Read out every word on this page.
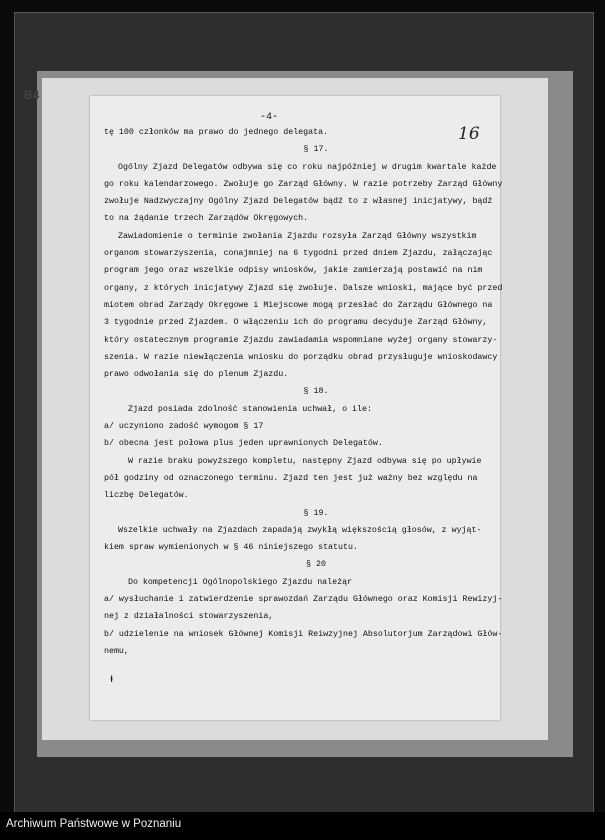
B4
-4-
16
tę 100 członków ma prawo do jednego delegata.
§ 17.
Ogólny Zjazd Delegatów odbywa się co roku najpóźniej w drugim kwartale każde
go roku kalendarzowego. Zwołuje go Zarząd Główny. W razie potrzeby Zarząd Główny
zwołuje Nadzwyczajny Ogólny Zjazd Delegatów bądź to z własnej inicjatywy, bądź
to na żądanie trzech Zarządów Okręgowych.
Zawiadomienie o terminie zwołania Zjazdu rozsyła Zarząd Główny wszystkim
organom stowarzyszenia, conajmniej na 6 tygodni przed dniem Zjazdu, załączając
program jego oraz wszelkie odpisy wniosków, jakie zamierzają postawić na nim
organy, z których inicjatywy Zjazd się zwołuje. Dalsze wnioski, mające być przed
miotem obrad Zarządy Okręgowe i Miejscowe mogą przesłać do Zarządu Głównego na
3 tygodnie przed Zjazdem. O włączeniu ich do programu decyduje Zarząd Główny,
który ostatecznym programie Zjazdu zawiadamia wspomniane wyżej organy stowarzy-
szenia. W razie niewłączenia wniosku do porządku obrad przysługuje wnioskodawcy
prawo odwołania się do plenum Zjazdu.
§ 18.
Zjazd posiada zdolność stanowienia uchwał, o ile:
a/ uczyniono zadość wymogom § 17
b/ obecna jest połowa plus jeden uprawnionych Delegatów.
W razie braku powyższego kompletu, następny Zjazd odbywa się po upływie
pół godziny od oznaczonego terminu. Zjazd ten jest już ważny bez względu na
liczbę Delegatów.
§ 19.
Wszelkie uchwały na Zjazdach zapadają zwykłą większością głosów, z wyjąt-
kiem spraw wymienionych w § 46 niniejszego statutu.
§ 20
Do kompetencji Ogólnopolskiego Zjazdu należąr
a/ wysłuchanie i zatwierdzenie sprawozdań Zarządu Głównego oraz Komisji Rewizyj-
nej z działalności stowarzyszenia,
b/ udzielenie na wniosek Głównej Komisji Reiwzyjnej Absolutorjum Zarządowi Głów-
nemu,
ᵼ
Archiwum Państwowe w Poznaniu
